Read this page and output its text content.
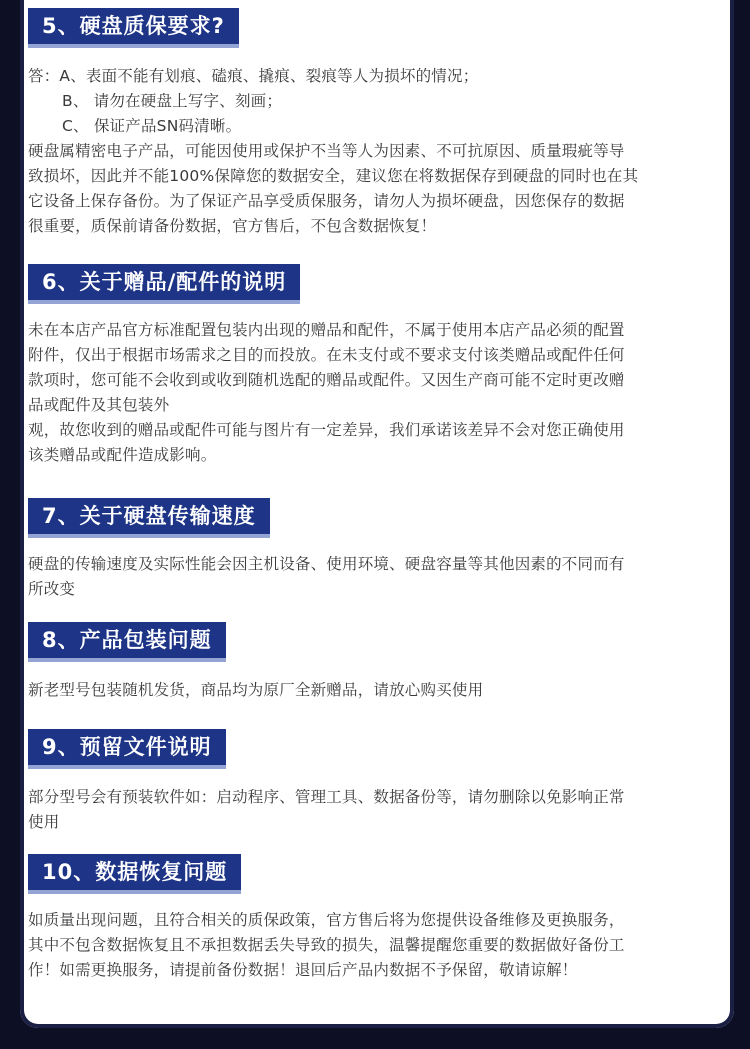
5、硬盘质保要求?

答：A、表面不能有划痕、磕痕、撬痕、裂痕等人为损坏的情况；

B、 请勿在硬盘上写字、刻画；

C、 保证产品SN码清晰。

硬盘属精密电子产品，可能因使用或保护不当等人为因素、不可抗原因、质量瑕疵等导

致损坏，因此并不能100%保障您的数据安全，建议您在将数据保存到硬盘的同时也在其

它设备上保存备份。为了保证产品享受质保服务，请勿人为损坏硬盘，因您保存的数据

很重要，质保前请备份数据，官方售后，不包含数据恢复！

6、关于赠品/配件的说明

未在本店产品官方标准配置包装内出现的赠品和配件，不属于使用本店产品必须的配置

附件，仅出于根据市场需求之目的而投放。在未支付或不要求支付该类赠品或配件任何

款项时，您可能不会收到或收到随机选配的赠品或配件。又因生产商可能不定时更改赠

品或配件及其包装外

观，故您收到的赠品或配件可能与图片有一定差异，我们承诺该差异不会对您正确使用

该类赠品或配件造成影响。

7、关于硬盘传输速度

硬盘的传输速度及实际性能会因主机设备、使用环境、硬盘容量等其他因素的不同而有

所改变

8、产品包装问题

新老型号包装随机发货，商品均为原厂全新赠品，请放心购买使用

9、预留文件说明

部分型号会有预装软件如：启动程序、管理工具、数据备份等，请勿删除以免影响正常

使用

10、数据恢复问题

如质量出现问题，且符合相关的质保政策，官方售后将为您提供设备维修及更换服务，

其中不包含数据恢复且不承担数据丢失导致的损失，温馨提醒您重要的数据做好备份工

作！如需更换服务，请提前备份数据！退回后产品内数据不予保留，敬请谅解！
